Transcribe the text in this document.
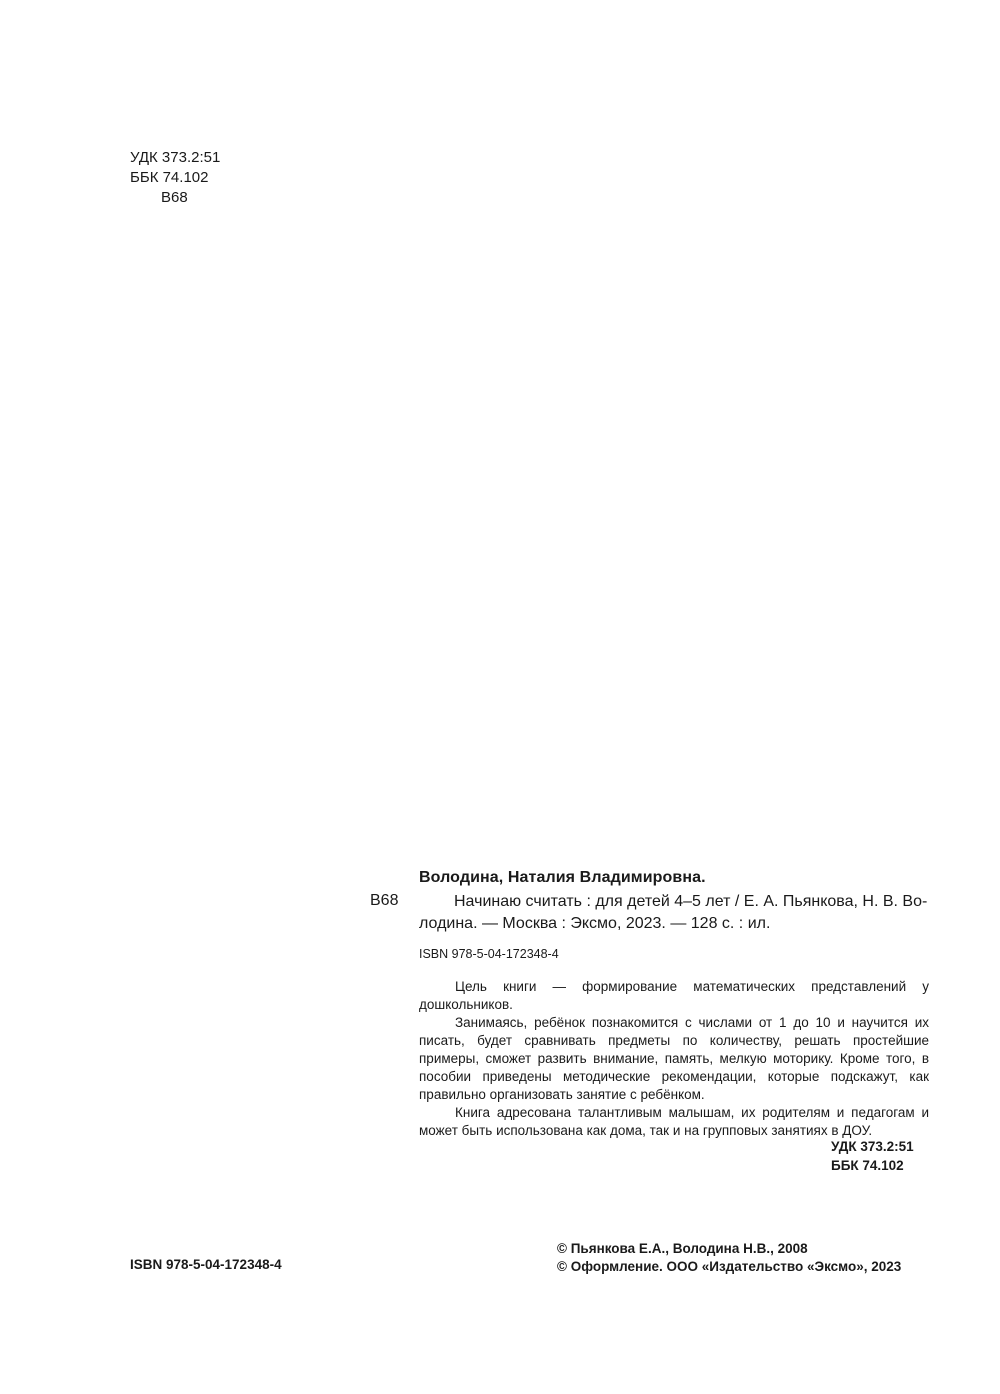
УДК 373.2:51
ББК 74.102
В68
Володина, Наталия Владимировна.
В68	Начинаю считать : для детей 4–5 лет / Е. А. Пьянкова, Н. В. Во-

лодина. — Москва : Эксмо, 2023. — 128 с. : ил.
ISBN 978-5-04-172348-4

Цель книги — формирование математических представлений у дошкольников.

Занимаясь, ребёнок познакомится с числами от 1 до 10 и научится их писать, будет сравнивать предметы по количеству, решать простейшие примеры, сможет развить внимание, память, мелкую моторику. Кроме того, в пособии приведены методические рекомендации, которые подскажут, как правильно организовать занятие с ребёнком.

Книга адресована талантливым малышам, их родителям и педагогам и может быть использована как дома, так и на групповых занятиях в ДОУ.

УДК 373.2:51
ББК 74.102
ISBN 978-5-04-172348-4
© Пьянкова Е.А., Володина Н.В., 2008
© Оформление. ООО «Издательство «Эксмо», 2023
